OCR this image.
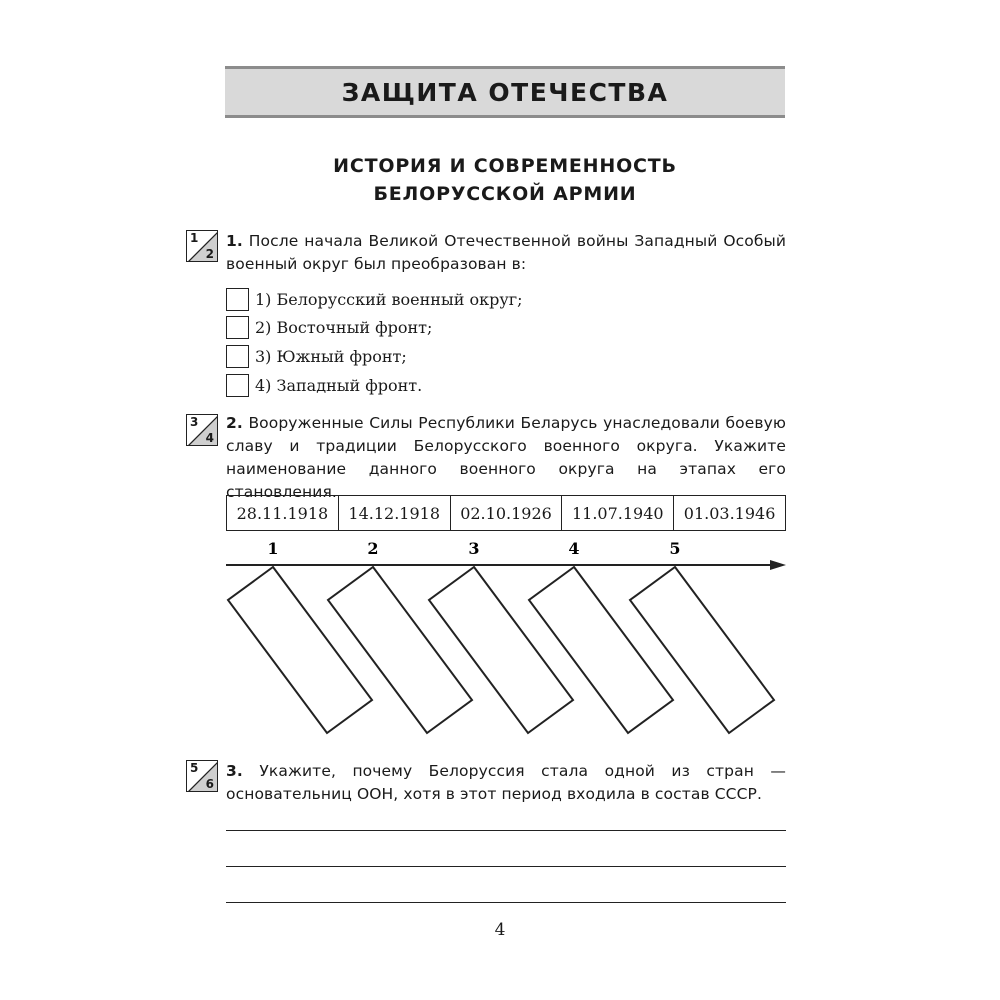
ЗАЩИТА ОТЕЧЕСТВА
ИСТОРИЯ И СОВРЕМЕННОСТЬ
БЕЛОРУССКОЙ АРМИИ
1
2
1. После начала Великой Отечественной войны Западный Особый военный округ был преобразован в:
1) Белорусский военный округ;
2) Восточный фронт;
3) Южный фронт;
4) Западный фронт.
3
4
2. Вооруженные Силы Республики Беларусь унаследовали боевую славу и традиции Белорусского военного округа. Укажите наименование данного военного округа на этапах его становления.
28.11.1918	14.12.1918	02.10.1926	11.07.1940	01.03.1946
1	2	3	4	5
5
6
3. Укажите, почему Белоруссия стала одной из стран — основательниц ООН, хотя в этот период входила в состав СССР.
4
